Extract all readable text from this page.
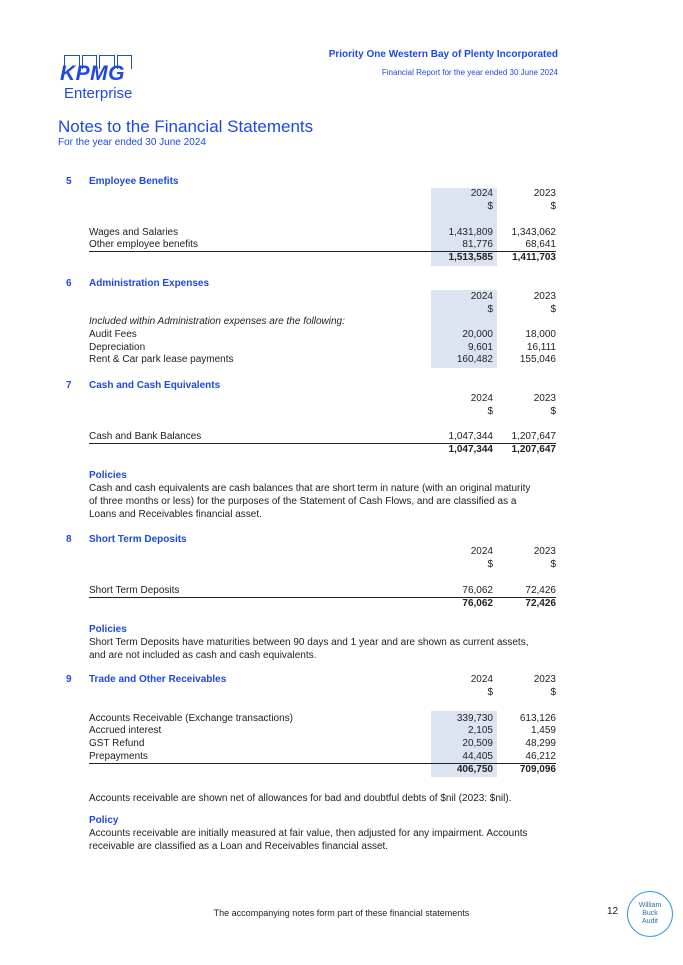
KPMG
Enterprise
Priority One Western Bay of Plenty Incorporated
Financial Report for the year ended 30 June 2024
Notes to the Financial Statements
For the year ended 30 June 2024
5 Employee Benefits
2024	2023
$	$
Wages and Salaries	1,431,809	1,343,062
Other employee benefits	81,776	68,641
1,513,585	1,411,703
6 Administration Expenses
2024	2023
$	$
Included within Administration expenses are the following:
Audit Fees	20,000	18,000
Depreciation	9,601	16,111
Rent & Car park lease payments	160,482	155,046
7 Cash and Cash Equivalents
2024	2023
$	$
Cash and Bank Balances	1,047,344	1,207,647
1,047,344	1,207,647
Policies
Cash and cash equivalents are cash balances that are short term in nature (with an original maturity
of three months or less) for the purposes of the Statement of Cash Flows, and are classified as a
Loans and Receivables financial asset.
8 Short Term Deposits
2024	2023
$	$
Short Term Deposits	76,062	72,426
76,062	72,426
Policies
Short Term Deposits have maturities between 90 days and 1 year and are shown as current assets,
and are not included as cash and cash equivalents.
9 Trade and Other Receivables	2024	2023
$	$
Accounts Receivable (Exchange transactions)	339,730	613,126
Accrued interest	2,105	1,459
GST Refund	20,509	48,299
Prepayments	44,405	46,212
406,750	709,096
Accounts receivable are shown net of allowances for bad and doubtful debts of $nil (2023: $nil).
Policy
Accounts receivable are initially measured at fair value, then adjusted for any impairment. Accounts
receivable are classified as a Loan and Receivables financial asset.
The accompanying notes form part of these financial statements	12
William
Buck
Audit
